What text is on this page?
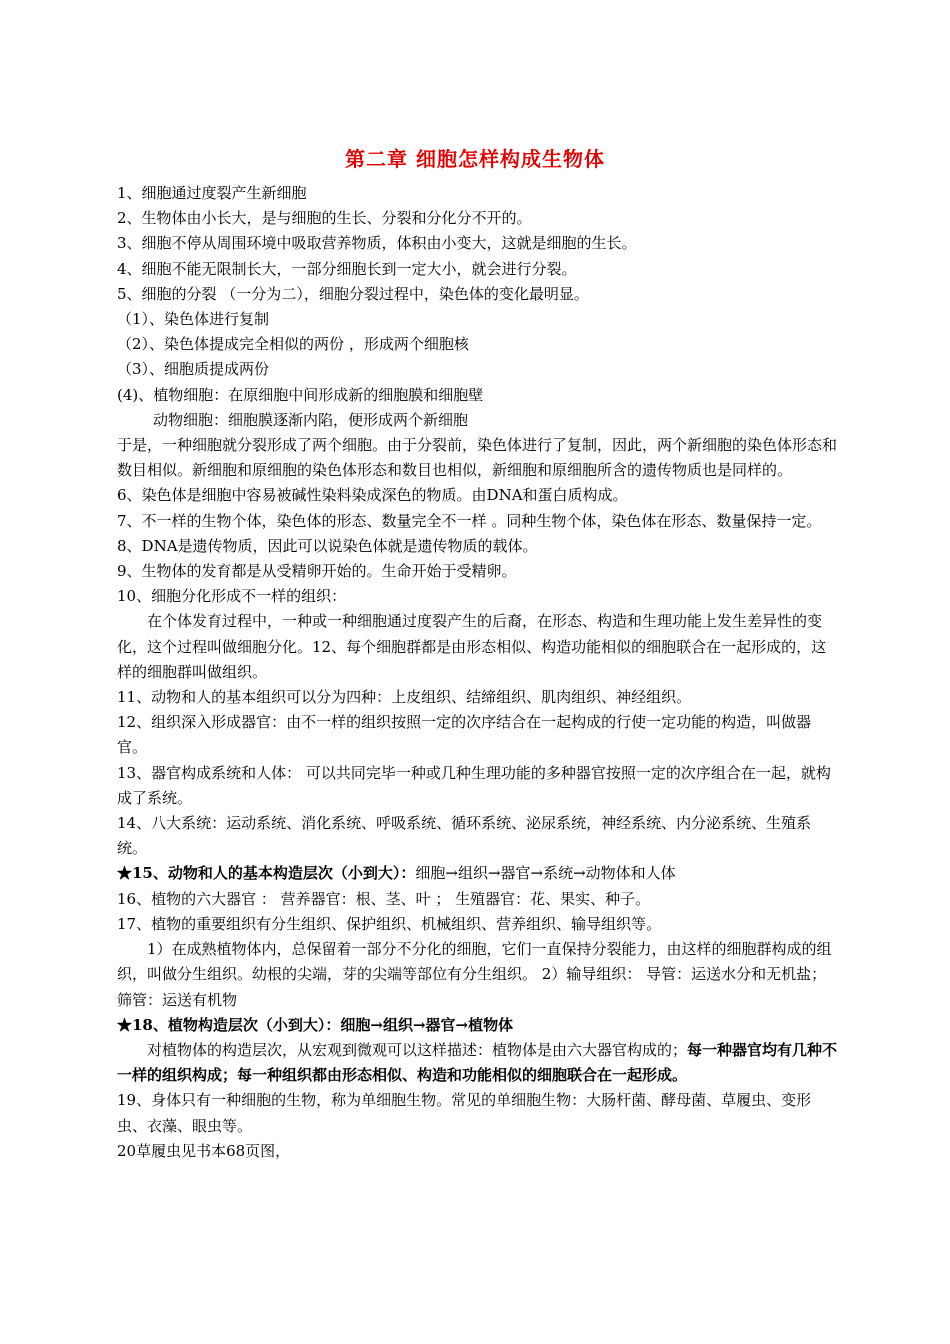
第二章 细胞怎样构成生物体

1、细胞通过度裂产生新细胞

2、生物体由小长大，是与细胞的生长、分裂和分化分不开的。

3、细胞不停从周围环境中吸取营养物质，体积由小变大，这就是细胞的生长。

4、细胞不能无限制长大，一部分细胞长到一定大小，就会进行分裂。

5、细胞的分裂 （一分为二），细胞分裂过程中，染色体的变化最明显。

（1）、染色体进行复制

（2）、染色体提成完全相似的两份 ，形成两个细胞核

（3）、细胞质提成两份

(4)、植物细胞：在原细胞中间形成新的细胞膜和细胞壁

动物细胞：细胞膜逐渐内陷，便形成两个新细胞

于是，一种细胞就分裂形成了两个细胞。由于分裂前，染色体进行了复制，因此，两个新细胞的染色体形态和数目相似。新细胞和原细胞的染色体形态和数目也相似，新细胞和原细胞所含的遗传物质也是同样的。

6、染色体是细胞中容易被碱性染料染成深色的物质。由DNA和蛋白质构成。

7、不一样的生物个体，染色体的形态、数量完全不一样 。同种生物个体，染色体在形态、数量保持一定。

8、DNA是遗传物质，因此可以说染色体就是遗传物质的载体。

9、生物体的发育都是从受精卵开始的。生命开始于受精卵。

10、细胞分化形成不一样的组织：

在个体发育过程中，一种或一种细胞通过度裂产生的后裔，在形态、构造和生理功能上发生差异性的变化，这个过程叫做细胞分化。12、每个细胞群都是由形态相似、构造功能相似的细胞联合在一起形成的，这样的细胞群叫做组织。

11、动物和人的基本组织可以分为四种：上皮组织、结缔组织、肌肉组织、神经组织。

12、组织深入形成器官：由不一样的组织按照一定的次序结合在一起构成的行使一定功能的构造，叫做器官。

13、器官构成系统和人体： 可以共同完毕一种或几种生理功能的多种器官按照一定的次序组合在一起，就构成了系统。

14、八大系统：运动系统、消化系统、呼吸系统、循环系统、泌尿系统，神经系统、内分泌系统、生殖系统。

★15、动物和人的基本构造层次（小到大）：细胞→组织→器官→系统→动物体和人体

16、植物的六大器官 ： 营养器官：根、茎、叶 ； 生殖器官：花、果实、种子。

17、植物的重要组织有分生组织、保护组织、机械组织、营养组织、输导组织等。

1）在成熟植物体内，总保留着一部分不分化的细胞，它们一直保持分裂能力，由这样的细胞群构成的组织，叫做分生组织。幼根的尖端，芽的尖端等部位有分生组织。 2）输导组织： 导管：运送水分和无机盐； 筛管：运送有机物

★18、植物构造层次（小到大）：细胞→组织→器官→植物体

对植物体的构造层次，从宏观到微观可以这样描述：植物体是由六大器官构成的；每一种器官均有几种不一样的组织构成；每一种组织都由形态相似、构造和功能相似的细胞联合在一起形成。

19、身体只有一种细胞的生物，称为单细胞生物。常见的单细胞生物：大肠杆菌、酵母菌、草履虫、变形虫、衣藻、眼虫等。

20草履虫见书本68页图，
